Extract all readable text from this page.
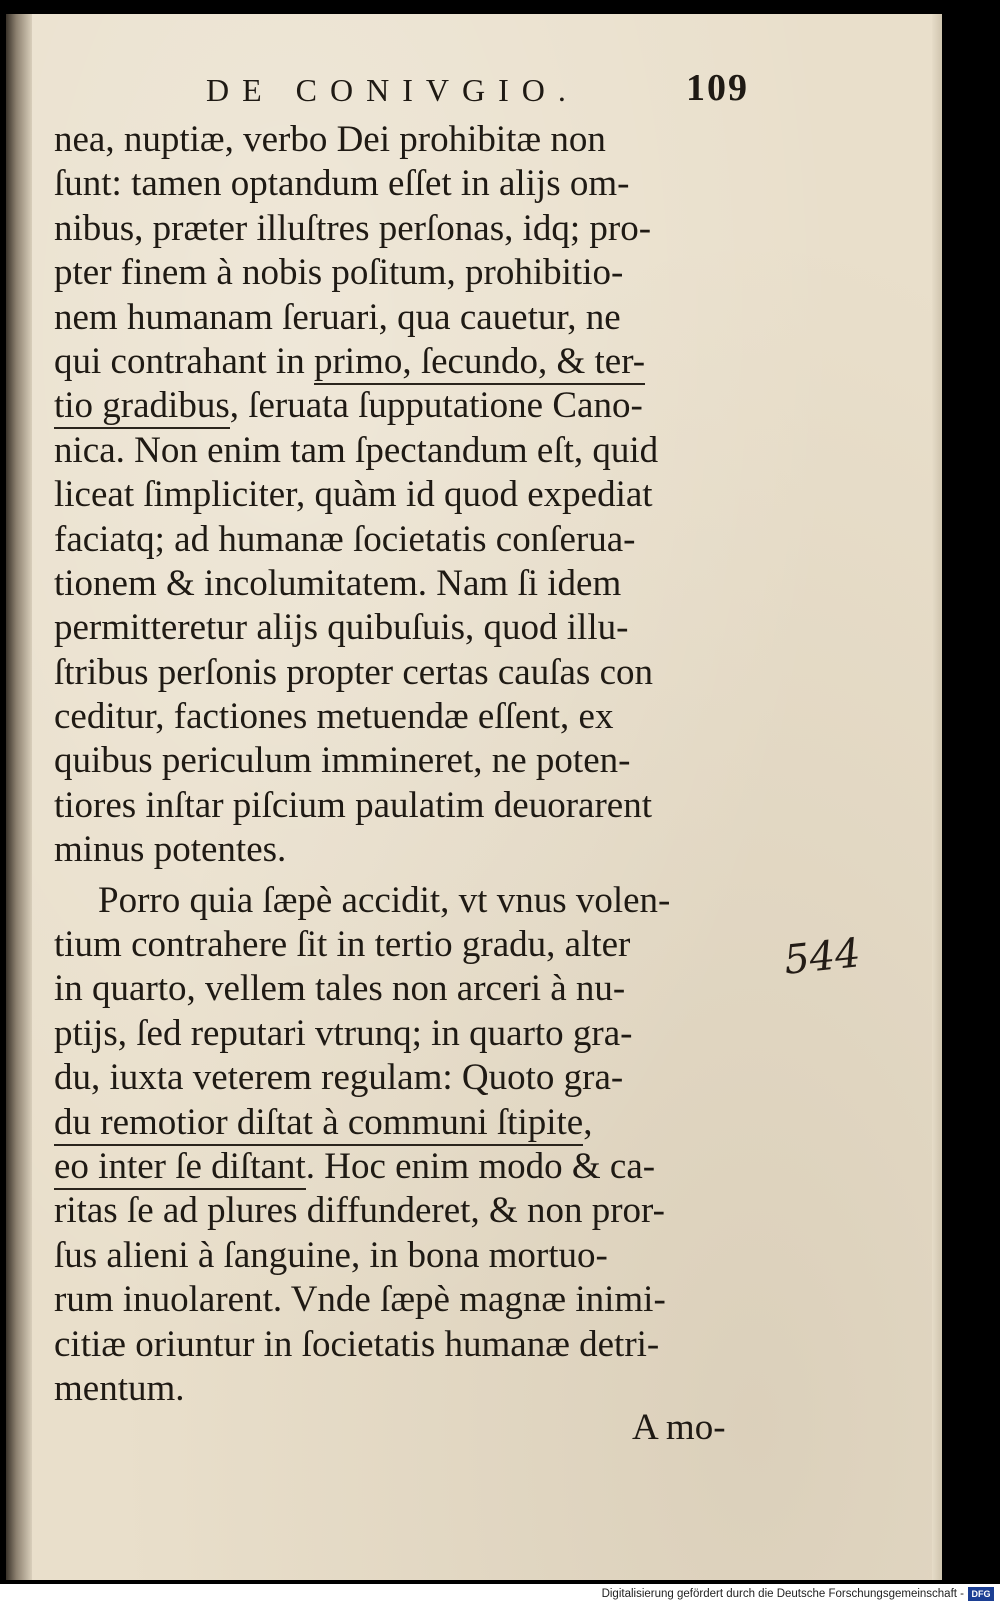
DE CONIVGIO.	109
nea, nuptiæ, verbo Dei prohibitæ non
ſunt: tamen optandum eſſet in alijs om-
nibus, præter illuſtres perſonas, idq; pro-
pter finem à nobis poſitum, prohibitio-
nem humanam ſeruari, qua cauetur, ne
qui contrahant in primo, ſecundo, & ter-
tio gradibus, ſeruata ſupputatione Cano-
nica. Non enim tam ſpectandum eſt, quid
liceat ſimpliciter, quàm id quod expediat
faciatq; ad humanæ ſocietatis conſerua-
tionem & incolumitatem. Nam ſi idem
permitteretur alijs quibuſuis, quod illu-
ſtribus perſonis propter certas cauſas con
ceditur, factiones metuendæ eſſent, ex
quibus periculum immineret, ne poten-
tiores inſtar piſcium paulatim deuorarent
minus potentes.
Porro quia ſæpè accidit, vt vnus volen-
tium contrahere ſit in tertio gradu, alter
in quarto, vellem tales non arceri à nu-
ptijs, ſed reputari vtrunq; in quarto gra-
du, iuxta veterem regulam: Quoto gra-
du remotior diſtat à communi ſtipite,
eo inter ſe diſtant. Hoc enim modo & ca-
ritas ſe ad plures diffunderet, & non pror-
ſus alieni à ſanguine, in bona mortuo-
rum inuolarent. Vnde ſæpè magnæ inimi-
citiæ oriuntur in ſocietatis humanæ detri-
mentum.
A mo-
544
Digitalisierung gefördert durch die Deutsche Forschungsgemeinschaft - DFG
